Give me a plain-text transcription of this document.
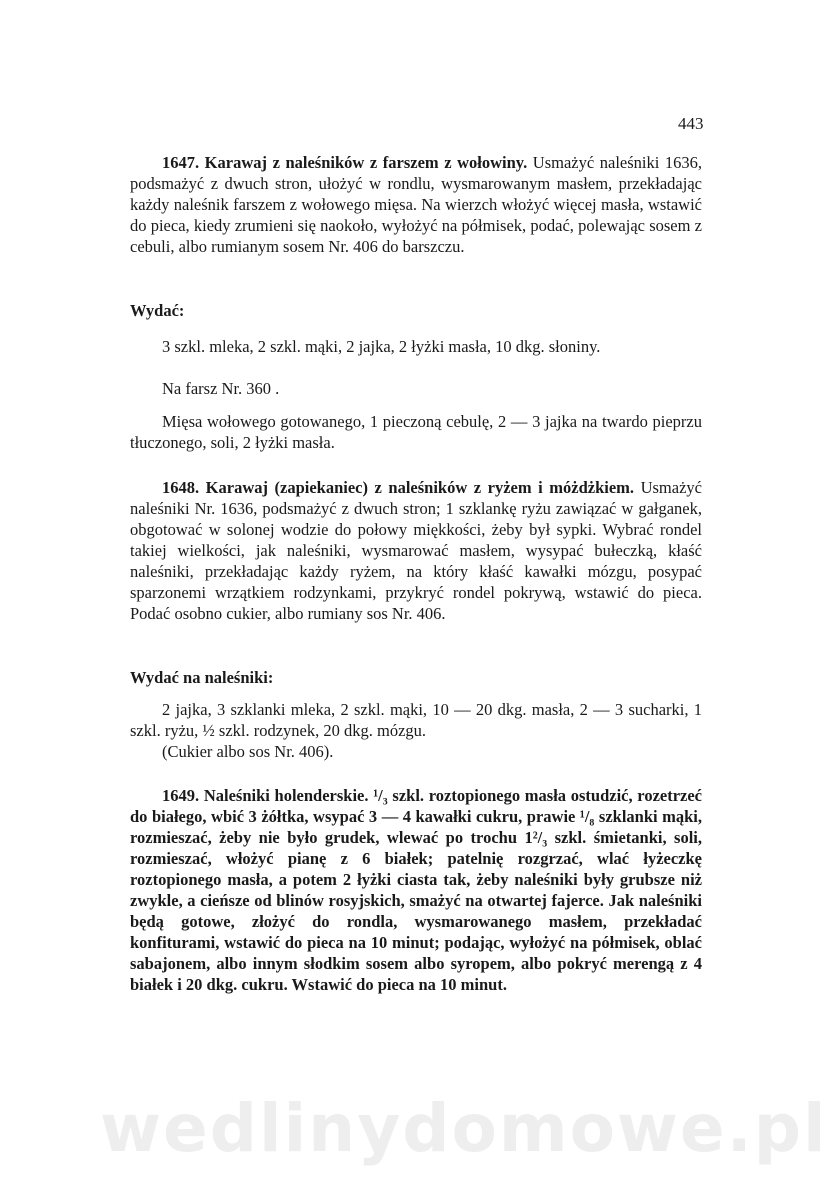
443

1647. Karawaj z naleśników z farszem z wołowiny. Usmażyć naleśniki 1636, podsmażyć z dwuch stron, ułożyć w rondlu, wysmarowanym masłem, przekładając każdy naleśnik farszem z wołowego mięsa. Na wierzch włożyć więcej masła, wstawić do pieca, kiedy zrumieni się naokoło, wyłożyć na półmisek, podać, polewając sosem z cebuli, albo rumianym sosem Nr. 406 do barszczu.

Wydać:

3 szkl. mleka, 2 szkl. mąki, 2 jajka, 2 łyżki masła, 10 dkg. słoniny.

Na farsz Nr. 360 .

Mięsa wołowego gotowanego, 1 pieczoną cebulę, 2 — 3 jajka na twardo pieprzu tłuczonego, soli, 2 łyżki masła.

1648. Karawaj (zapiekaniec) z naleśników z ryżem i móżdżkiem. Usmażyć naleśniki Nr. 1636, podsmażyć z dwuch stron; 1 szklankę ryżu zawiązać w gałganek, obgotować w solonej wodzie do połowy miękkości, żeby był sypki. Wybrać rondel takiej wielkości, jak naleśniki, wysmarować masłem, wysypać bułeczką, kłaść naleśniki, przekładając każdy ryżem, na który kłaść kawałki mózgu, posypać sparzonemi wrzątkiem rodzynkami, przykryć rondel pokrywą, wstawić do pieca. Podać osobno cukier, albo rumiany sos Nr. 406.

Wydać na naleśniki:

2 jajka, 3 szklanki mleka, 2 szkl. mąki, 10 — 20 dkg. masła, 2 — 3 sucharki, 1 szkl. ryżu, ½ szkl. rodzynek, 20 dkg. mózgu.

(Cukier albo sos Nr. 406).

1649. Naleśniki holenderskie. ¹/₃ szkl. roztopionego masła ostudzić, rozetrzeć do białego, wbić 3 żółtka, wsypać 3 — 4 kawałki cukru, prawie ¹/₈ szklanki mąki, rozmieszać, żeby nie było grudek, wlewać po trochu 1²/₃ szkl. śmietanki, soli, rozmieszać, włożyć pianę z 6 białek; patelnię rozgrzać, wlać łyżeczkę roztopionego masła, a potem 2 łyżki ciasta tak, żeby naleśniki były grubsze niż zwykle, a cieńsze od blinów rosyjskich, smażyć na otwartej fajerce. Jak naleśniki będą gotowe, złożyć do rondla, wysmarowanego masłem, przekładać konfiturami, wstawić do pieca na 10 minut; podając, wyłożyć na półmisek, oblać sabajonem, albo innym słodkim sosem albo syropem, albo pokryć merengą z 4 białek i 20 dkg. cukru. Wstawić do pieca na 10 minut.

wedlinydomowe.pl
